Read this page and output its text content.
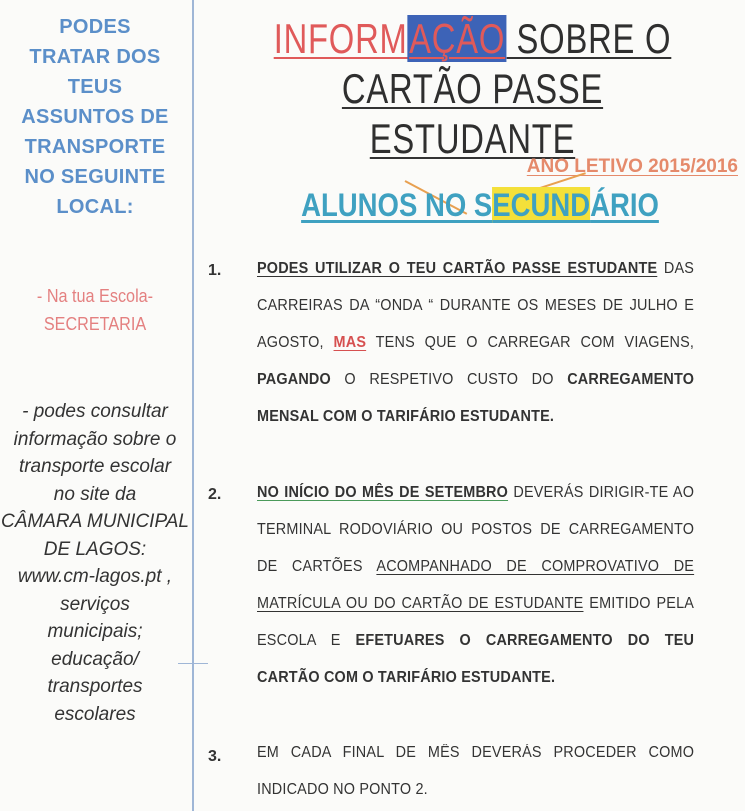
PODES
TRATAR DOS
TEUS
ASSUNTOS DE
TRANSPORTE
NO SEGUINTE
LOCAL:
- Na tua Escola-
SECRETARIA
- podes consultar
informação sobre o
transporte escolar
no site da
CÂMARA MUNICIPAL
DE LAGOS:
www.cm-lagos.pt ,
serviços
municipais;
educação/
transportes
escolares
INFORMAÇÃO SOBRE O
CARTÃO PASSE ESTUDANTE
ANO LETIVO 2015/2016
ALUNOS NO SECUNDÁRIO
1. PODES UTILIZAR O TEU CARTÃO PASSE ESTUDANTE DAS CARREIRAS DA “ONDA “ DURANTE OS MESES DE JULHO E AGOSTO, MAS TENS QUE O CARREGAR COM VIAGENS, PAGANDO O RESPETIVO CUSTO DO CARREGAMENTO MENSAL COM O TARIFÁRIO ESTUDANTE.
2. NO INÍCIO DO MÊS DE SETEMBRO DEVERÁS DIRIGIR-TE AO TERMINAL RODOVIÁRIO OU POSTOS DE CARREGAMENTO DE CARTÕES ACOMPANHADO DE COMPROVATIVO DE MATRÍCULA OU DO CARTÃO DE ESTUDANTE EMITIDO PELA ESCOLA E EFETUARES O CARREGAMENTO DO TEU CARTÃO COM O TARIFÁRIO ESTUDANTE.
3. EM CADA FINAL DE MÊS DEVERÁS PROCEDER COMO INDICADO NO PONTO 2.
